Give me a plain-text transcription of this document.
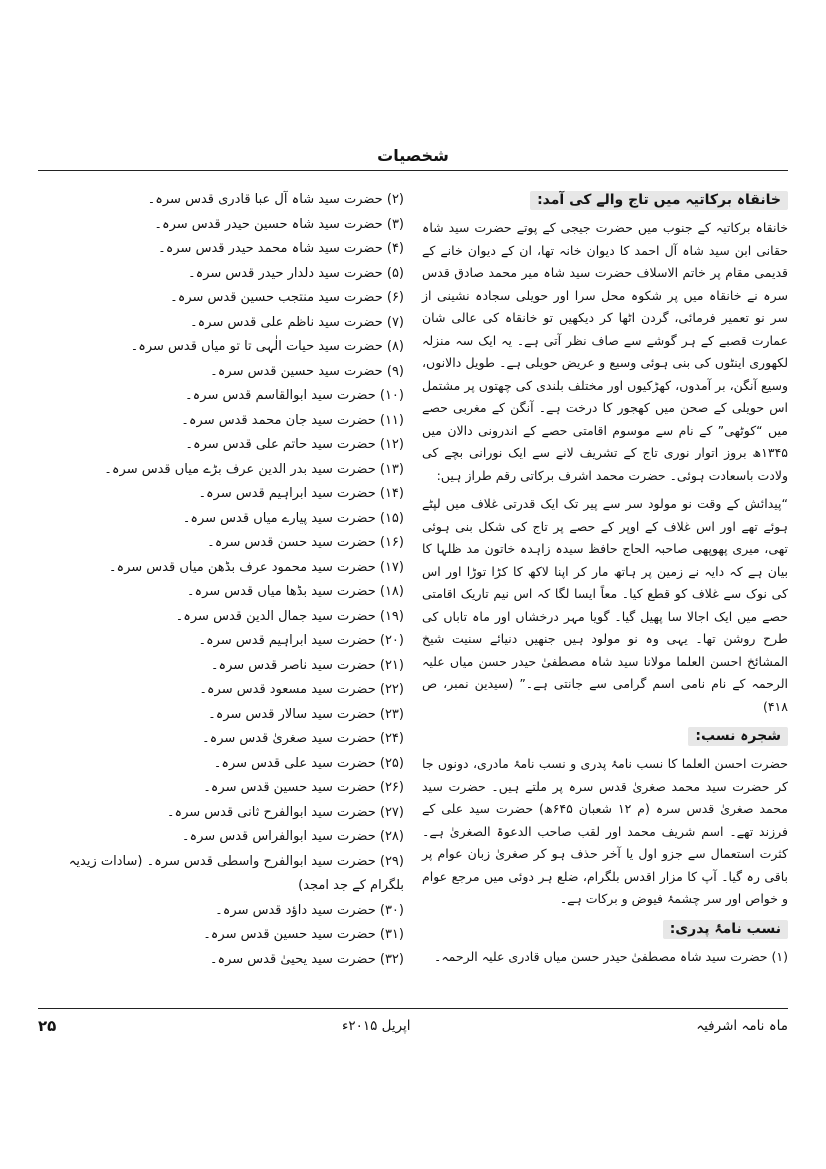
شخصیات
خانقاہ برکاتیہ میں تاج والے کی آمد:

خانقاہ برکاتیہ کے جنوب میں حضرت جیجی کے پوتے حضرت سید شاہ حقانی ابن سید شاہ آل احمد کا دیوان خانہ تھا، ان کے دیوان خانے کے قدیمی مقام پر خاتم الاسلاف حضرت سید شاہ میر محمد صادق قدس سرہ نے خانقاہ میں پر شکوہ محل سرا اور حویلی سجادہ نشینی از سر نو تعمیر فرمائی، گردن اٹھا کر دیکھیں تو خانقاہ کی عالی شان عمارت قصبے کے ہر گوشے سے صاف نظر آتی ہے۔ یہ ایک سہ منزلہ لکھوری اینٹوں کی بنی ہوئی وسیع و عریض حویلی ہے۔ طویل دالانوں، وسیع آنگن، بر آمدوں، کھڑکیوں اور مختلف بلندی کی چھتوں پر مشتمل اس حویلی کے صحن میں کھجور کا درخت ہے۔ آنگن کے مغربی حصے میں “کوٹھی” کے نام سے موسوم اقامتی حصے کے اندرونی دالان میں ۱۳۴۵ھ بروز اتوار نوری تاج کے تشریف لانے سے ایک نورانی بچے کی ولادت باسعادت ہوئی۔ حضرت محمد اشرف برکاتی رقم طراز ہیں:

“پیدائش کے وقت نو مولود سر سے پیر تک ایک قدرتی غلاف میں لپٹے ہوئے تھے اور اس غلاف کے اوپر کے حصے پر تاج کی شکل بنی ہوئی تھی، میری پھوپھی صاحبہ الحاج حافظ سیدہ زاہدہ خاتون مد ظلہا کا بیان ہے کہ دایہ نے زمین پر ہاتھ مار کر اپنا لاکھ کا کڑا توڑا اور اس کی نوک سے غلاف کو قطع کیا۔ معاً ایسا لگا کہ اس نیم تاریک اقامتی حصے میں ایک اجالا سا پھیل گیا۔ گویا مہر درخشاں اور ماہ تاباں کی طرح روشن تھا۔ یہی وہ نو مولود ہیں جنھیں دنیائے سنیت شیخ المشائخ احسن العلما مولانا سید شاہ مصطفیٰ حیدر حسن میاں علیہ الرحمہ کے نام نامی اسم گرامی سے جانتی ہے۔” (سیدین نمبر، ص ۴۱۸)

شجرہ نسب:

حضرت احسن العلما کا نسب نامۂ پدری و نسب نامۂ مادری، دونوں جا کر حضرت سید محمد صغریٰ قدس سرہ پر ملتے ہیں۔ حضرت سید محمد صغریٰ قدس سرہ (م ۱۲ شعبان ۶۴۵ھ) حضرت سید علی کے فرزند تھے۔ اسم شریف محمد اور لقب صاحب الدعوۃ الصغریٰ ہے۔ کثرت استعمال سے جزو اول یا آخر حذف ہو کر صغریٰ زبان عوام پر باقی رہ گیا۔ آپ کا مزار اقدس بلگرام، ضلع ہر دوئی میں مرجع عوام و خواص اور سر چشمۂ فیوض و برکات ہے۔

نسب نامۂ پدری:

(۱) حضرت سید شاہ مصطفیٰ حیدر حسن میاں قادری علیہ الرحمہ۔

(۲) حضرت سید شاہ آل عبا قادری قدس سرہ۔

(۳) حضرت سید شاہ حسین حیدر قدس سرہ۔

(۴) حضرت سید شاہ محمد حیدر قدس سرہ۔

(۵) حضرت سید دلدار حیدر قدس سرہ۔

(۶) حضرت سید منتجب حسین قدس سرہ۔

(۷) حضرت سید ناظم علی قدس سرہ۔

(۸) حضرت سید حیات الٰہی تا تو میاں قدس سرہ۔

(۹) حضرت سید حسین قدس سرہ۔

(۱۰) حضرت سید ابوالقاسم قدس سرہ۔

(۱۱) حضرت سید جان محمد قدس سرہ۔

(۱۲) حضرت سید حاتم علی قدس سرہ۔

(۱۳) حضرت سید بدر الدین عرف بڑے میاں قدس سرہ۔

(۱۴) حضرت سید ابراہیم قدس سرہ۔

(۱۵) حضرت سید پیارے میاں قدس سرہ۔

(۱۶) حضرت سید حسن قدس سرہ۔

(۱۷) حضرت سید محمود عرف بڈھن میاں قدس سرہ۔

(۱۸) حضرت سید بڈھا میاں قدس سرہ۔

(۱۹) حضرت سید جمال الدین قدس سرہ۔

(۲۰) حضرت سید ابراہیم قدس سرہ۔

(۲۱) حضرت سید ناصر قدس سرہ۔

(۲۲) حضرت سید مسعود قدس سرہ۔

(۲۳) حضرت سید سالار قدس سرہ۔

(۲۴) حضرت سید صغریٰ قدس سرہ۔

(۲۵) حضرت سید علی قدس سرہ۔

(۲۶) حضرت سید حسین قدس سرہ۔

(۲۷) حضرت سید ابوالفرح ثانی قدس سرہ۔

(۲۸) حضرت سید ابوالفراس قدس سرہ۔

(۲۹) حضرت سید ابوالفرح واسطی قدس سرہ۔ (سادات زیدیہ بلگرام کے جد امجد)

(۳۰) حضرت سید داؤد قدس سرہ۔

(۳۱) حضرت سید حسین قدس سرہ۔

(۳۲) حضرت سید یحییٰ قدس سرہ۔

ماہ نامہ اشرفیہ
اپریل ۲۰۱۵ء
۲۵
